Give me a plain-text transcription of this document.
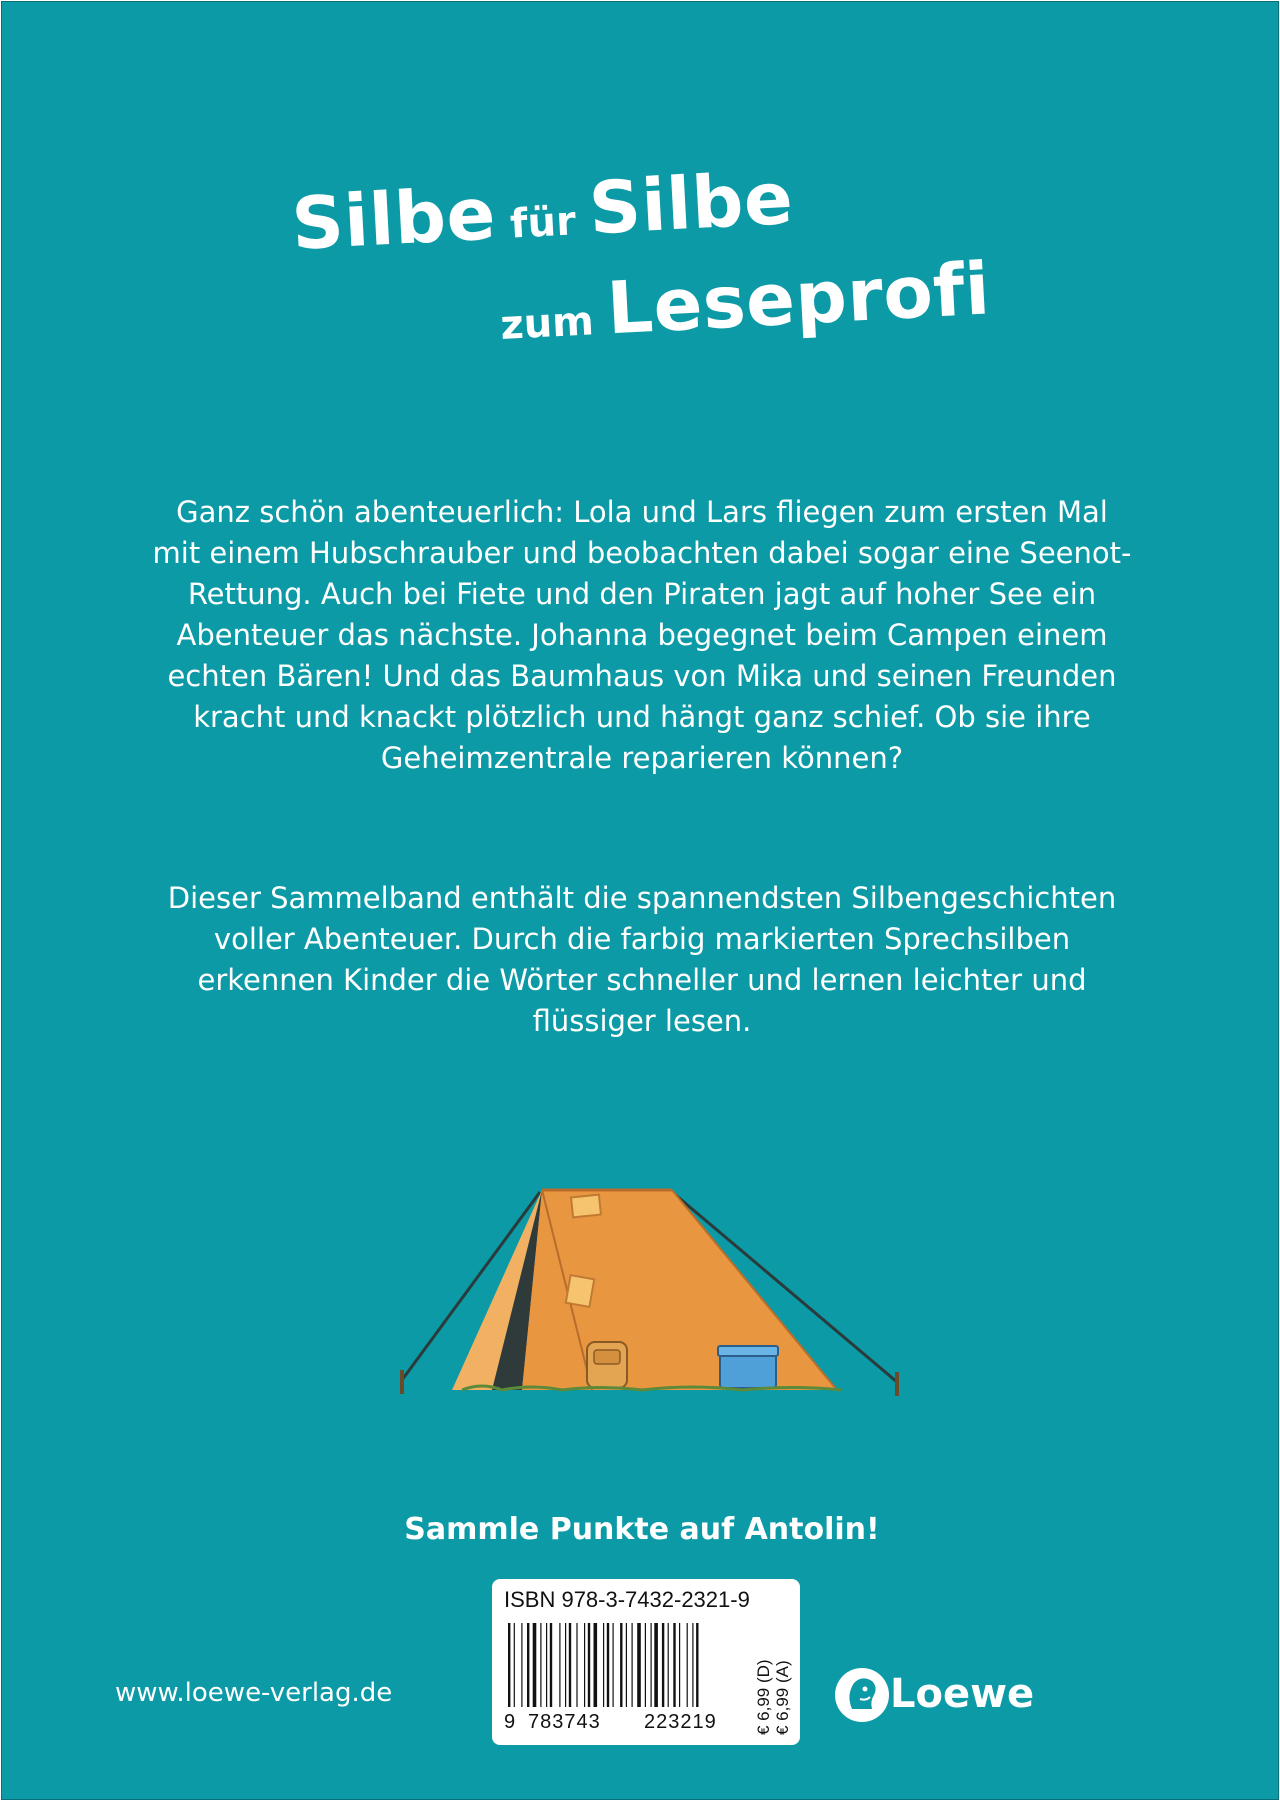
Silbe für Silbe
zum Leseprofi

Ganz schön abenteuerlich: Lola und Lars fliegen zum ersten Mal mit einem Hubschrauber und beobachten dabei sogar eine Seenot-Rettung. Auch bei Fiete und den Piraten jagt auf hoher See ein Abenteuer das nächste. Johanna begegnet beim Campen einem echten Bären! Und das Baumhaus von Mika und seinen Freunden kracht und knackt plötzlich und hängt ganz schief. Ob sie ihre Geheimzentrale reparieren können?

Dieser Sammelband enthält die spannendsten Silbengeschichten voller Abenteuer. Durch die farbig markierten Sprechsilben erkennen Kinder die Wörter schneller und lernen leichter und flüssiger lesen.

Sammle Punkte auf Antolin!
ISBN 978-3-7432-2321-9
9 783743 223219 € 6,99 (D) € 6,99 (A)
www.loewe-verlag.de	Loewe
